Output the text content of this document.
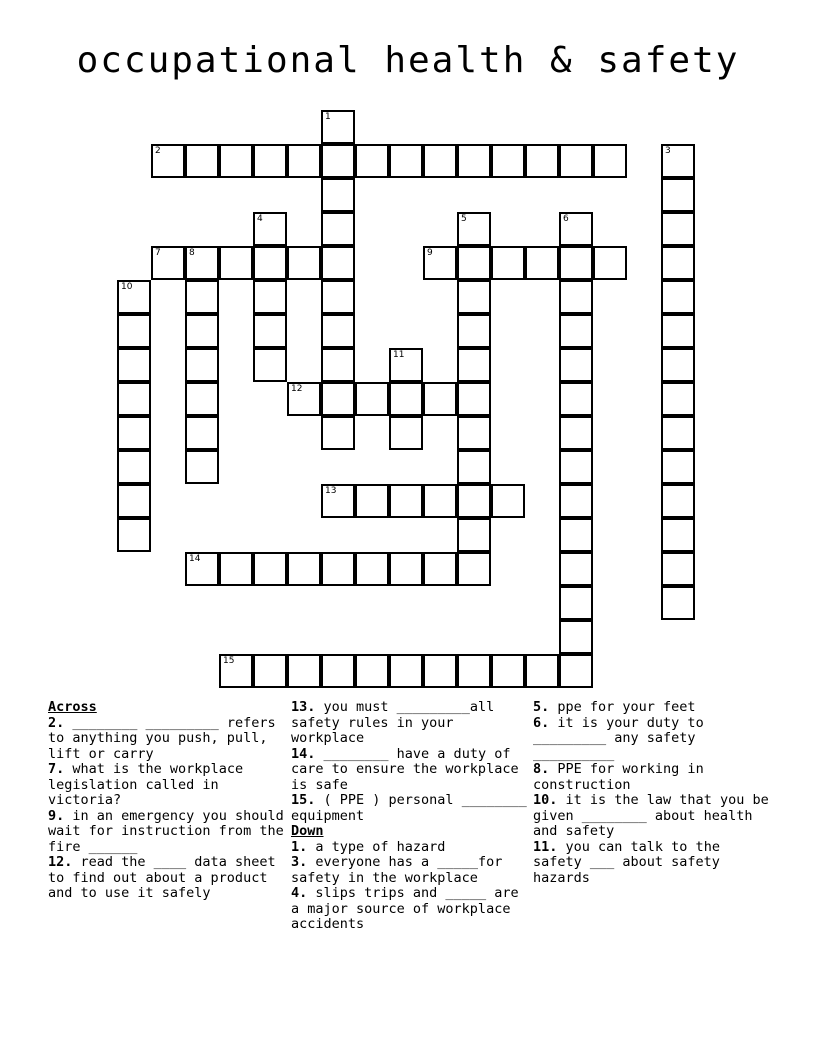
occupational health & safety
1
2	3
4	5	6
7	8	9
10
11
12
13
14
15

Across

2. ________ _________ refers to anything you push, pull, lift or carry

7. what is the workplace legislation called in victoria?

9. in an emergency you should wait for instruction from the fire ______

12. read the ____ data sheet to find out about a product and to use it safely

13. you must _________all safety rules in your workplace

14. ________ have a duty of care to ensure the workplace is safe

15. ( PPE ) personal ________ equipment

Down

1. a type of hazard

3. everyone has a _____for safety in the workplace

4. slips trips and _____ are a major source of workplace accidents

5. ppe for your feet

6. it is your duty to _________ any safety __________

8. PPE for working in construction

10. it is the law that you be given ________ about health and safety

11. you can talk to the safety ___ about safety hazards
